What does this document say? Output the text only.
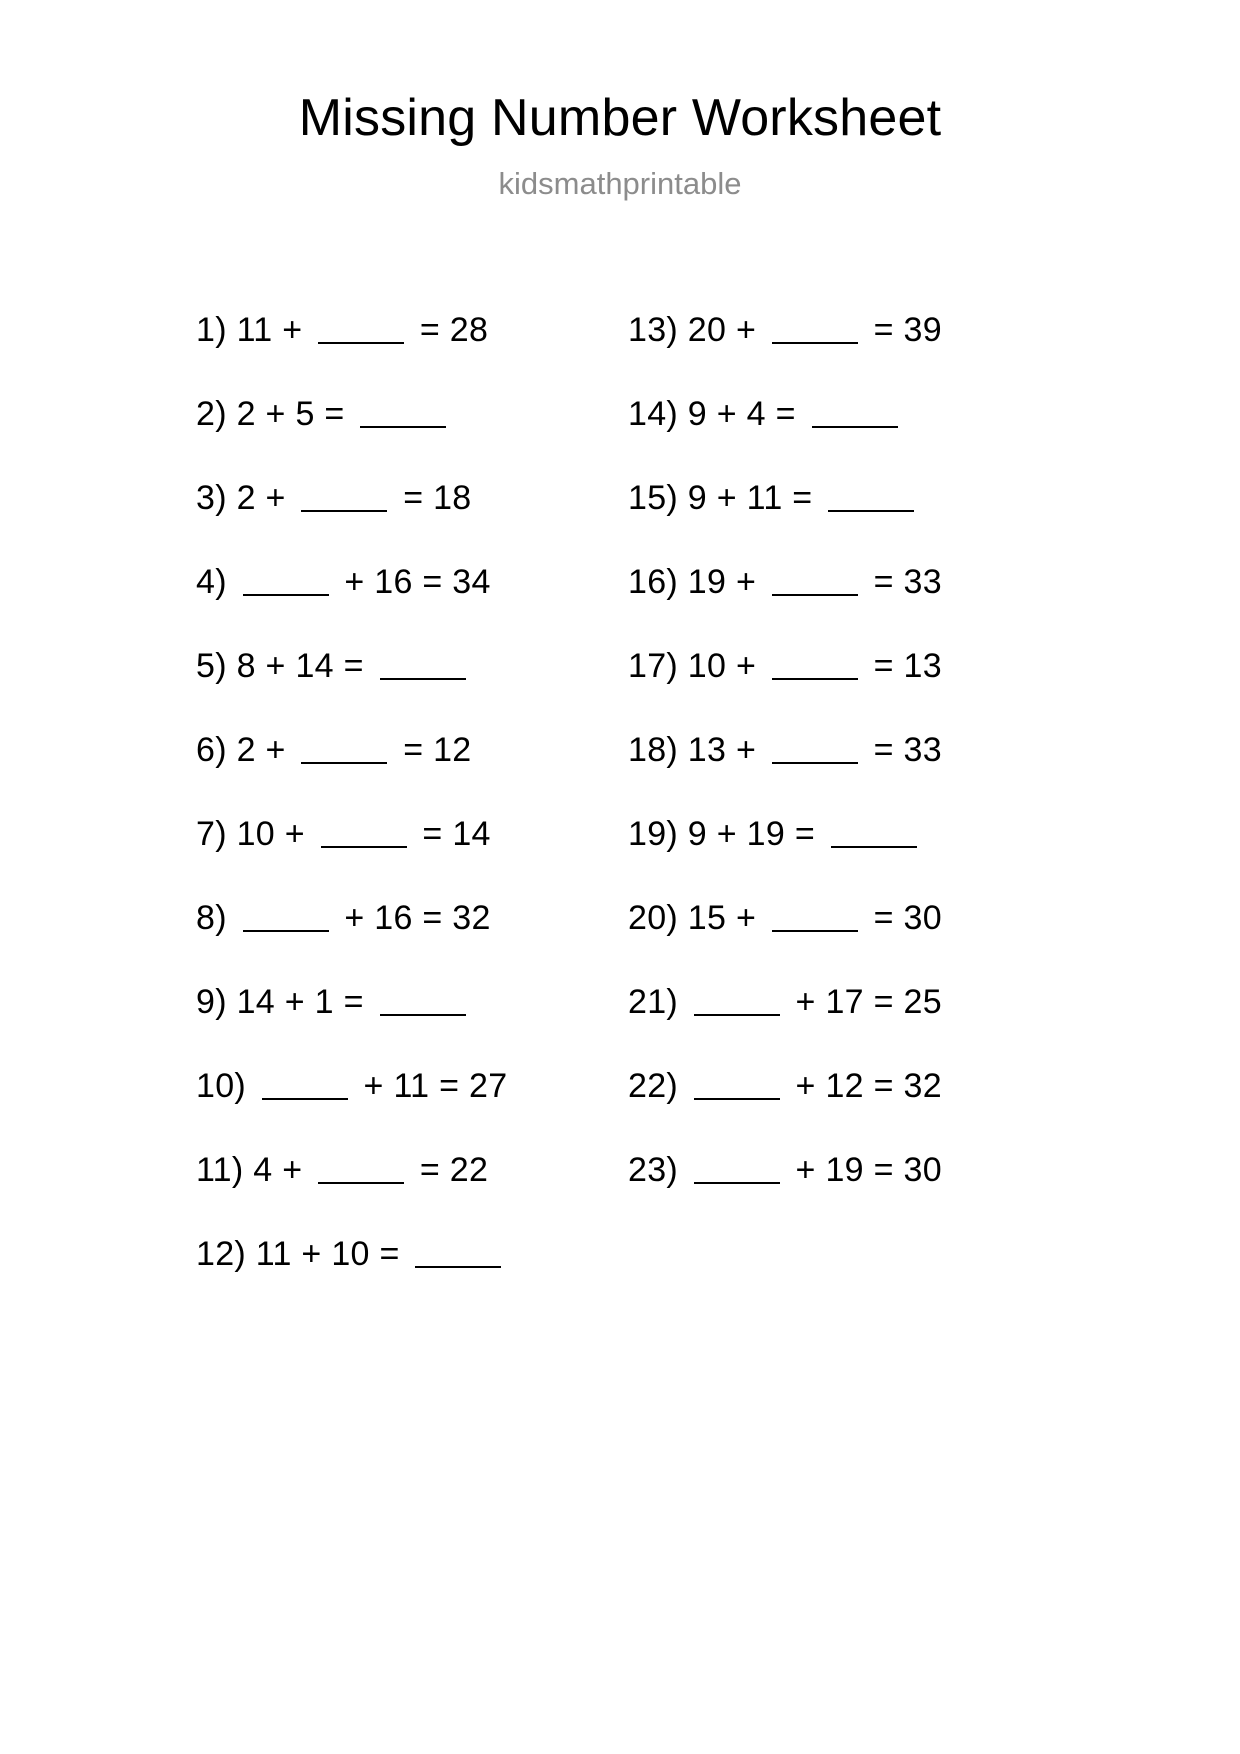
Missing Number Worksheet
kidsmathprintable
1) 11 +	= 28
2) 2 + 5 =
3) 2 +	= 18
4)
	+ 16 = 34
5) 8 + 14 =
6) 2 +	= 12
7) 10 +	= 14
8)
	+ 16 = 32
9) 14 + 1 =
10)
	+ 11 = 27
11) 4 +	= 22
12) 11 + 10 =
13) 20 +	= 39
14) 9 + 4 =
15) 9 + 11 =
16) 19 +	= 33
17) 10 +	= 13
18) 13 +	= 33
19) 9 + 19 =
20) 15 +	= 30
21)
	+ 17 = 25
22)
	+ 12 = 32
23)
	+ 19 = 30
